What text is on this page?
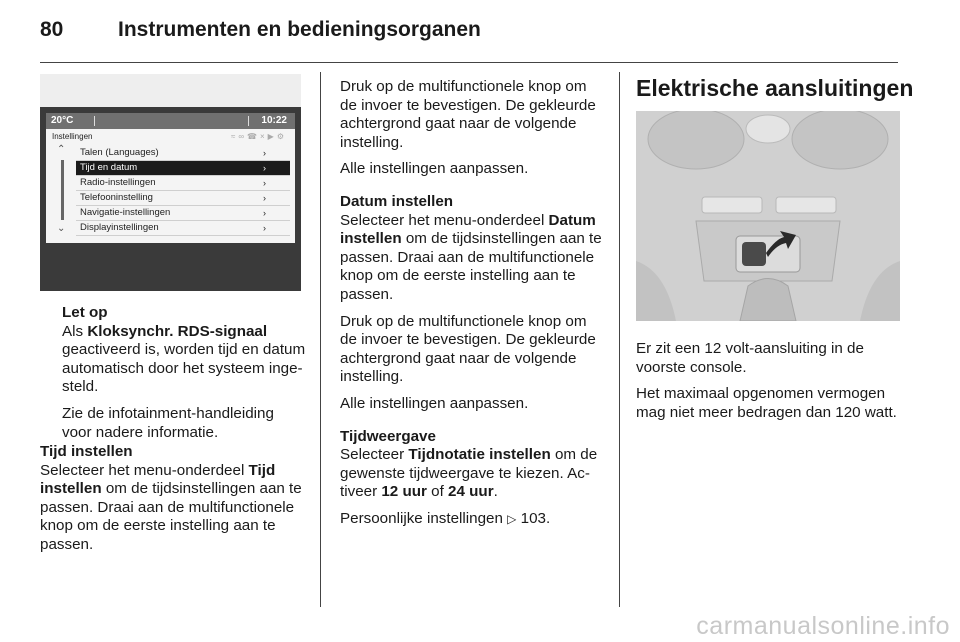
80	Instrumenten en bedieningsorganen
20°C	10:22
Instellingen	≈∞☎×▶⚙
⌃
⌄
Talen (Languages)	›
Tijd en datum	›
Radio-instellingen	›
Telefooninstelling	›
Navigatie-instellingen	›
Displayinstellingen	›

Let op

Als Kloksynchr. RDS-signaal geactiveerd is, worden tijd en datum automatisch door het systeem ingesteld.

Zie de infotainment-handleiding voor nadere informatie.

Tijd instellen

Selecteer het menu-onderdeel Tijd instellen om de tijdsinstellingen aan te passen. Draai aan de multifunctionele knop om de eerste instelling aan te passen.

Druk op de multifunctionele knop om de invoer te bevestigen. De gekleurde achtergrond gaat naar de volgende instelling.

Alle instellingen aanpassen.

Datum instellen

Selecteer het menu-onderdeel Datum instellen om de tijdsinstellingen aan te passen. Draai aan de multifunctionele knop om de eerste instelling aan te passen.

Druk op de multifunctionele knop om de invoer te bevestigen. De gekleurde achtergrond gaat naar de volgende instelling.

Alle instellingen aanpassen.

Tijdweergave

Selecteer Tijdnotatie instellen om de gewenste tijdweergave te kiezen. Activeer 12 uur of 24 uur.

Persoonlijke instellingen ▷ 103.

Elektrische aansluitingen

Er zit een 12 volt-aansluiting in de voorste console.

Het maximaal opgenomen vermogen mag niet meer bedragen dan 120 watt.

carmanualsonline.info
